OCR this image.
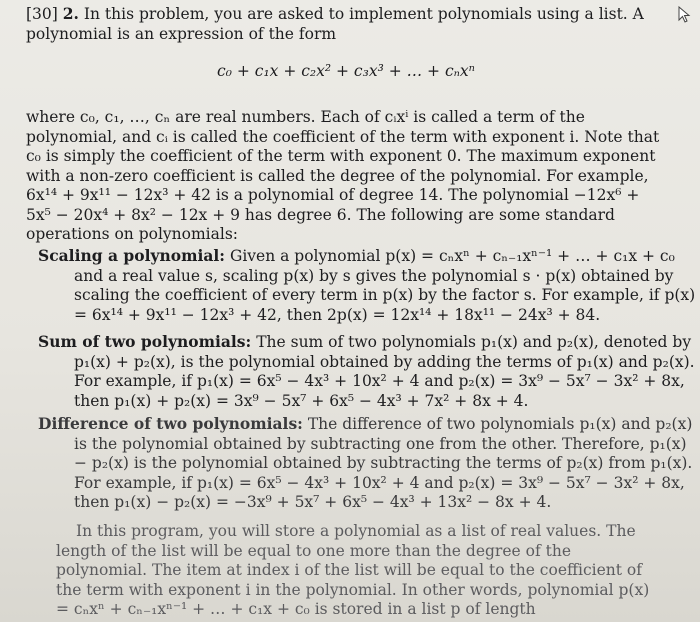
[30] 2. In this problem, you are asked to implement polynomials using a list. A polynomial is an expression of the form
c₀ + c₁x + c₂x² + c₃x³ + … + cₙxⁿ
where c₀, c₁, …, cₙ are real numbers. Each of cᵢxⁱ is called a term of the polynomial, and cᵢ is called the coefficient of the term with exponent i. Note that c₀ is simply the coefficient of the term with exponent 0. The maximum exponent with a non-zero coefficient is called the degree of the polynomial. For example, 6x¹⁴ + 9x¹¹ − 12x³ + 42 is a polynomial of degree 14. The polynomial −12x⁶ + 5x⁵ − 20x⁴ + 8x² − 12x + 9 has degree 6. The following are some standard operations on polynomials:
Scaling a polynomial: Given a polynomial p(x) = cₙxⁿ + cₙ₋₁xⁿ⁻¹ + … + c₁x + c₀ and a real value s, scaling p(x) by s gives the polynomial s · p(x) obtained by scaling the coefficient of every term in p(x) by the factor s. For example, if p(x) = 6x¹⁴ + 9x¹¹ − 12x³ + 42, then 2p(x) = 12x¹⁴ + 18x¹¹ − 24x³ + 84.
Sum of two polynomials: The sum of two polynomials p₁(x) and p₂(x), denoted by p₁(x) + p₂(x), is the polynomial obtained by adding the terms of p₁(x) and p₂(x). For example, if p₁(x) = 6x⁵ − 4x³ + 10x² + 4 and p₂(x) = 3x⁹ − 5x⁷ − 3x² + 8x, then p₁(x) + p₂(x) = 3x⁹ − 5x⁷ + 6x⁵ − 4x³ + 7x² + 8x + 4.
Difference of two polynomials: The difference of two polynomials p₁(x) and p₂(x) is the polynomial obtained by subtracting one from the other. Therefore, p₁(x) − p₂(x) is the polynomial obtained by subtracting the terms of p₂(x) from p₁(x). For example, if p₁(x) = 6x⁵ − 4x³ + 10x² + 4 and p₂(x) = 3x⁹ − 5x⁷ − 3x² + 8x, then p₁(x) − p₂(x) = −3x⁹ + 5x⁷ + 6x⁵ − 4x³ + 13x² − 8x + 4.
In this program, you will store a polynomial as a list of real values. The length of the list will be equal to one more than the degree of the polynomial. The item at index i of the list will be equal to the coefficient of the term with exponent i in the polynomial. In other words, polynomial p(x) = cₙxⁿ + cₙ₋₁xⁿ⁻¹ + … + c₁x + c₀ is stored in a list p of length
